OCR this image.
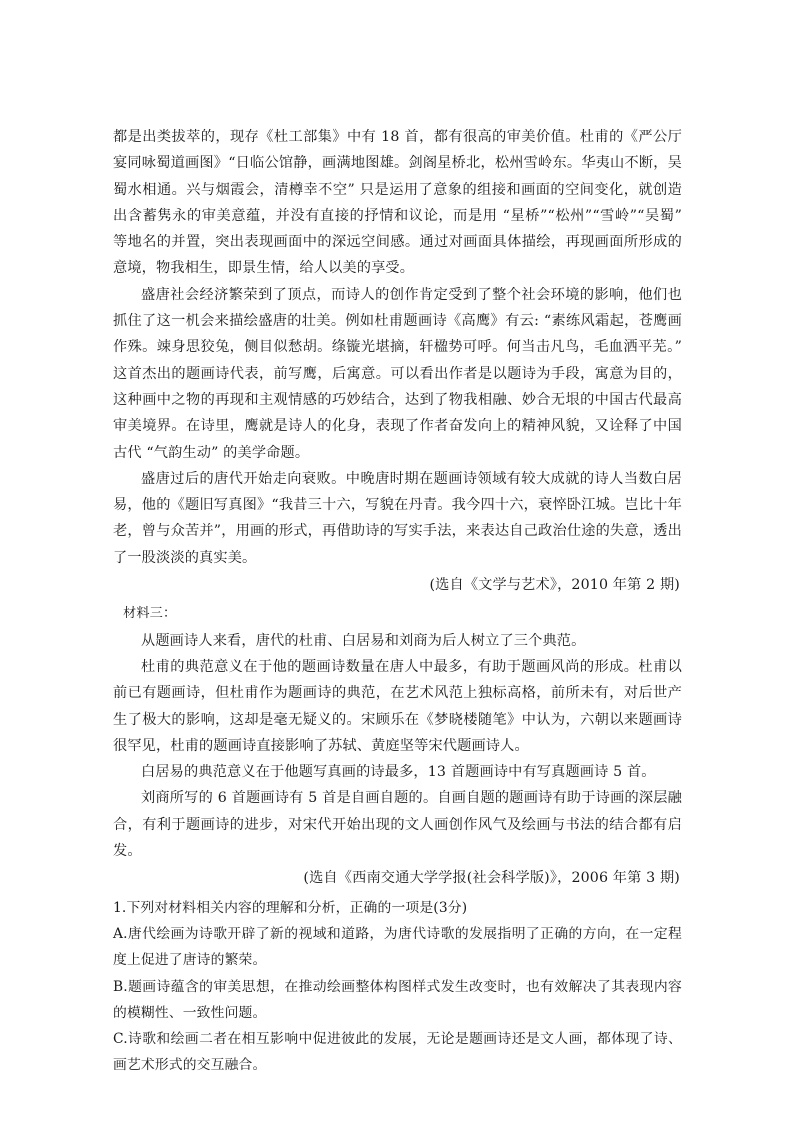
都是出类拔萃的，现存《杜工部集》中有 18 首，都有很高的审美价值。杜甫的《严公厅宴同咏蜀道画图》“日临公馆静，画满地图雄。剑阁星桥北，松州雪岭东。华夷山不断，吴蜀水相通。兴与烟霞会，清樽幸不空” 只是运用了意象的组接和画面的空间变化，就创造出含蓄隽永的审美意蕴，并没有直接的抒情和议论，而是用 “星桥”“松州”“雪岭”“吴蜀” 等地名的并置，突出表现画面中的深远空间感。通过对画面具体描绘，再现画面所形成的意境，物我相生，即景生情，给人以美的享受。

盛唐社会经济繁荣到了顶点，而诗人的创作肯定受到了整个社会环境的影响，他们也抓住了这一机会来描绘盛唐的壮美。例如杜甫题画诗《高鹰》有云: “素练风霜起，苍鹰画作殊。竦身思狡兔，侧目似愁胡。绦镟光堪摘，轩楹势可呼。何当击凡鸟，毛血洒平芜。” 这首杰出的题画诗代表，前写鹰，后寓意。可以看出作者是以题诗为手段，寓意为目的，这种画中之物的再现和主观情感的巧妙结合，达到了物我相融、妙合无垠的中国古代最高审美境界。在诗里，鹰就是诗人的化身，表现了作者奋发向上的精神风貌，又诠释了中国古代 “气韵生动” 的美学命题。

盛唐过后的唐代开始走向衰败。中晚唐时期在题画诗领域有较大成就的诗人当数白居易，他的《题旧写真图》“我昔三十六，写貌在丹青。我今四十六，衰悴卧江城。岂比十年老，曾与众苦并”，用画的形式，再借助诗的写实手法，来表达自己政治仕途的失意，透出了一股淡淡的真实美。

(选自《文学与艺术》，2010 年第 2 期)

材料三：

从题画诗人来看，唐代的杜甫、白居易和刘商为后人树立了三个典范。

杜甫的典范意义在于他的题画诗数量在唐人中最多，有助于题画风尚的形成。杜甫以前已有题画诗，但杜甫作为题画诗的典范，在艺术风范上独标高格，前所未有，对后世产生了极大的影响，这却是毫无疑义的。宋顾乐在《梦晓楼随笔》中认为，六朝以来题画诗很罕见，杜甫的题画诗直接影响了苏轼、黄庭坚等宋代题画诗人。

白居易的典范意义在于他题写真画的诗最多，13 首题画诗中有写真题画诗 5 首。

刘商所写的 6 首题画诗有 5 首是自画自题的。自画自题的题画诗有助于诗画的深层融合，有利于题画诗的进步，对宋代开始出现的文人画创作风气及绘画与书法的结合都有启发。

(选自《西南交通大学学报(社会科学版)》，2006 年第 3 期)

1.下列对材料相关内容的理解和分析，正确的一项是(3分)

A.唐代绘画为诗歌开辟了新的视域和道路，为唐代诗歌的发展指明了正确的方向，在一定程度上促进了唐诗的繁荣。

B.题画诗蕴含的审美思想，在推动绘画整体构图样式发生改变时，也有效解决了其表现内容的模糊性、一致性问题。

C.诗歌和绘画二者在相互影响中促进彼此的发展，无论是题画诗还是文人画，都体现了诗、画艺术形式的交互融合。
